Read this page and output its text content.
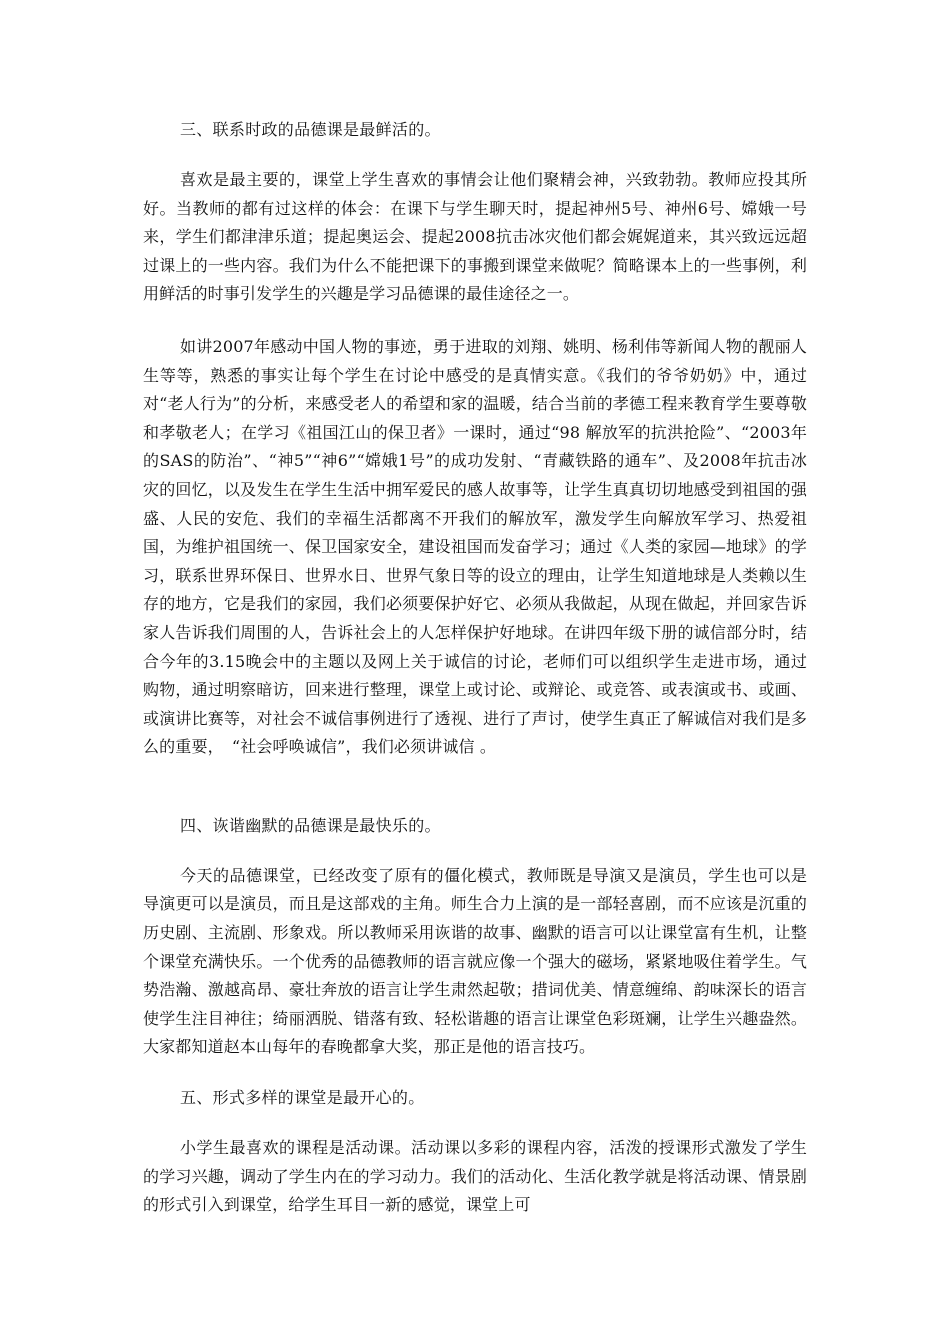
三、联系时政的品德课是最鲜活的。

喜欢是最主要的，课堂上学生喜欢的事情会让他们聚精会神，兴致勃勃。教师应投其所好。当教师的都有过这样的体会：在课下与学生聊天时，提起神州5号、神州6号、嫦娥一号来，学生们都津津乐道；提起奥运会、提起2008抗击冰灾他们都会娓娓道来，其兴致远远超过课上的一些内容。我们为什么不能把课下的事搬到课堂来做呢？简略课本上的一些事例，利用鲜活的时事引发学生的兴趣是学习品德课的最佳途径之一。

如讲2007年感动中国人物的事迹，勇于进取的刘翔、姚明、杨利伟等新闻人物的靓丽人生等等，熟悉的事实让每个学生在讨论中感受的是真情实意。《我们的爷爷奶奶》中，通过对“老人行为”的分析，来感受老人的希望和家的温暖，结合当前的孝德工程来教育学生要尊敬和孝敬老人；在学习《祖国江山的保卫者》一课时，通过“98 解放军的抗洪抢险”、“2003年的SAS的防治”、“神5”“神6”“嫦娥1号”的成功发射、“青藏铁路的通车”、及2008年抗击冰灾的回忆，以及发生在学生生活中拥军爱民的感人故事等，让学生真真切切地感受到祖国的强盛、人民的安危、我们的幸福生活都离不开我们的解放军，激发学生向解放军学习、热爱祖国，为维护祖国统一、保卫国家安全，建设祖国而发奋学习；通过《人类的家园—地球》的学习，联系世界环保日、世界水日、世界气象日等的设立的理由，让学生知道地球是人类赖以生存的地方，它是我们的家园，我们必须要保护好它、必须从我做起，从现在做起，并回家告诉家人告诉我们周围的人，告诉社会上的人怎样保护好地球。在讲四年级下册的诚信部分时，结合今年的3.15晚会中的主题以及网上关于诚信的讨论，老师们可以组织学生走进市场，通过购物，通过明察暗访，回来进行整理，课堂上或讨论、或辩论、或竞答、或表演或书、或画、或演讲比赛等，对社会不诚信事例进行了透视、进行了声讨，使学生真正了解诚信对我们是多么的重要，　“社会呼唤诚信”，我们必须讲诚信 。

四、诙谐幽默的品德课是最快乐的。

今天的品德课堂，已经改变了原有的僵化模式，教师既是导演又是演员，学生也可以是导演更可以是演员，而且是这部戏的主角。师生合力上演的是一部轻喜剧，而不应该是沉重的历史剧、主流剧、形象戏。所以教师采用诙谐的故事、幽默的语言可以让课堂富有生机，让整个课堂充满快乐。一个优秀的品德教师的语言就应像一个强大的磁场，紧紧地吸住着学生。气势浩瀚、激越高昂、豪壮奔放的语言让学生肃然起敬；措词优美、情意缠绵、韵味深长的语言使学生注目神往；绮丽洒脱、错落有致、轻松谐趣的语言让课堂色彩斑斓，让学生兴趣盎然。大家都知道赵本山每年的春晚都拿大奖，那正是他的语言技巧。

五、形式多样的课堂是最开心的。

小学生最喜欢的课程是活动课。活动课以多彩的课程内容，活泼的授课形式激发了学生的学习兴趣，调动了学生内在的学习动力。我们的活动化、生活化教学就是将活动课、情景剧的形式引入到课堂，给学生耳目一新的感觉，课堂上可
